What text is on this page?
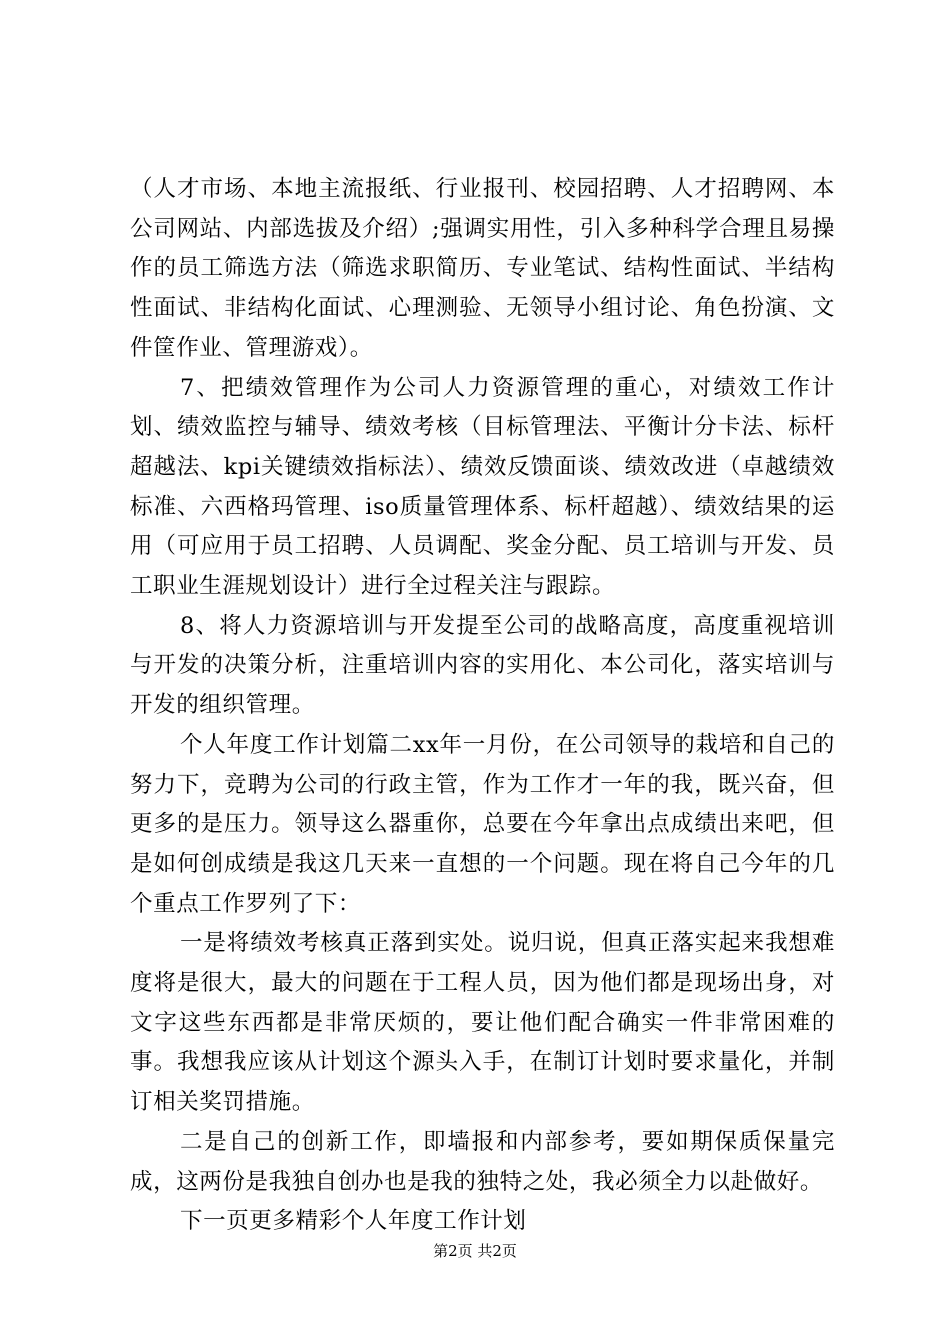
（人才市场、本地主流报纸、行业报刊、校园招聘、人才招聘网、本公司网站、内部选拔及介绍）;强调实用性，引入多种科学合理且易操作的员工筛选方法（筛选求职简历、专业笔试、结构性面试、半结构性面试、非结构化面试、心理测验、无领导小组讨论、角色扮演、文件筐作业、管理游戏）。

7、把绩效管理作为公司人力资源管理的重心，对绩效工作计划、绩效监控与辅导、绩效考核（目标管理法、平衡计分卡法、标杆超越法、kpi关键绩效指标法）、绩效反馈面谈、绩效改进（卓越绩效标准、六西格玛管理、iso质量管理体系、标杆超越）、绩效结果的运用（可应用于员工招聘、人员调配、奖金分配、员工培训与开发、员工职业生涯规划设计）进行全过程关注与跟踪。

8、将人力资源培训与开发提至公司的战略高度，高度重视培训与开发的决策分析，注重培训内容的实用化、本公司化，落实培训与开发的组织管理。

个人年度工作计划篇二xx年一月份，在公司领导的栽培和自己的努力下，竞聘为公司的行政主管，作为工作才一年的我，既兴奋，但更多的是压力。领导这么器重你，总要在今年拿出点成绩出来吧，但是如何创成绩是我这几天来一直想的一个问题。现在将自己今年的几个重点工作罗列了下：

一是将绩效考核真正落到实处。说归说，但真正落实起来我想难度将是很大，最大的问题在于工程人员，因为他们都是现场出身，对文字这些东西都是非常厌烦的，要让他们配合确实一件非常困难的事。我想我应该从计划这个源头入手，在制订计划时要求量化，并制订相关奖罚措施。

二是自己的创新工作，即墙报和内部参考，要如期保质保量完成，这两份是我独自创办也是我的独特之处，我必须全力以赴做好。

下一页更多精彩个人年度工作计划

第2页 共2页
